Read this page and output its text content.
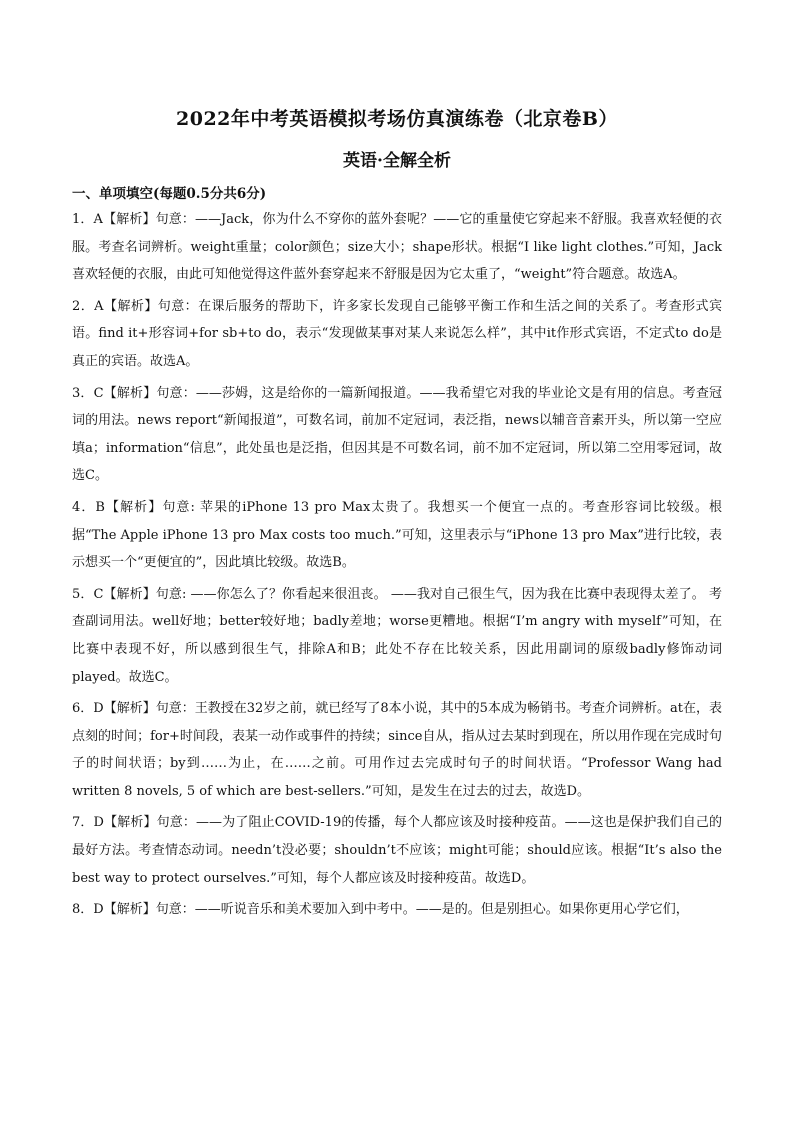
2022年中考英语模拟考场仿真演练卷（北京卷B）
英语·全解全析
一、单项填空(每题0.5分共6分)

1．A【解析】句意：——Jack，你为什么不穿你的蓝外套呢？——它的重量使它穿起来不舒服。我喜欢轻便的衣服。考查名词辨析。weight重量；color颜色；size大小；shape形状。根据“I like light clothes.”可知，Jack喜欢轻便的衣服，由此可知他觉得这件蓝外套穿起来不舒服是因为它太重了，“weight”符合题意。故选A。

2．A【解析】句意：在课后服务的帮助下，许多家长发现自己能够平衡工作和生活之间的关系了。考查形式宾语。find it+形容词+for sb+to do，表示“发现做某事对某人来说怎么样”，其中it作形式宾语，不定式to do是真正的宾语。故选A。

3．C【解析】句意：——莎姆，这是给你的一篇新闻报道。——我希望它对我的毕业论文是有用的信息。考查冠词的用法。news report“新闻报道”，可数名词，前加不定冠词，表泛指，news以辅音音素开头，所以第一空应填a；information“信息”，此处虽也是泛指，但因其是不可数名词，前不加不定冠词，所以第二空用零冠词，故选C。

4．B【解析】句意: 苹果的iPhone 13 pro Max太贵了。我想买一个便宜一点的。考查形容词比较级。根据“The Apple iPhone 13 pro Max costs too much.”可知，这里表示与“iPhone 13 pro Max”进行比较，表示想买一个“更便宜的”，因此填比较级。故选B。

5．C【解析】句意: ——你怎么了？你看起来很沮丧。 ——我对自己很生气，因为我在比赛中表现得太差了。 考查副词用法。well好地；better较好地；badly差地；worse更糟地。根据“I’m angry with myself”可知，在比赛中表现不好，所以感到很生气，排除A和B；此处不存在比较关系，因此用副词的原级badly修饰动词played。故选C。

6．D【解析】句意：王教授在32岁之前，就已经写了8本小说，其中的5本成为畅销书。考查介词辨析。at在，表点刻的时间；for+时间段，表某一动作或事件的持续；since自从，指从过去某时到现在，所以用作现在完成时句子的时间状语；by到……为止，在……之前。可用作过去完成时句子的时间状语。“Professor Wang had written 8 novels, 5 of which are best-sellers.”可知，是发生在过去的过去，故选D。

7．D【解析】句意：——为了阻止COVID-19的传播，每个人都应该及时接种疫苗。——这也是保护我们自己的最好方法。考查情态动词。needn’t没必要；shouldn’t不应该；might可能；should应该。根据“It’s also the best way to protect ourselves.”可知，每个人都应该及时接种疫苗。故选D。

8．D【解析】句意：——听说音乐和美术要加入到中考中。——是的。但是别担心。如果你更用心学它们，
